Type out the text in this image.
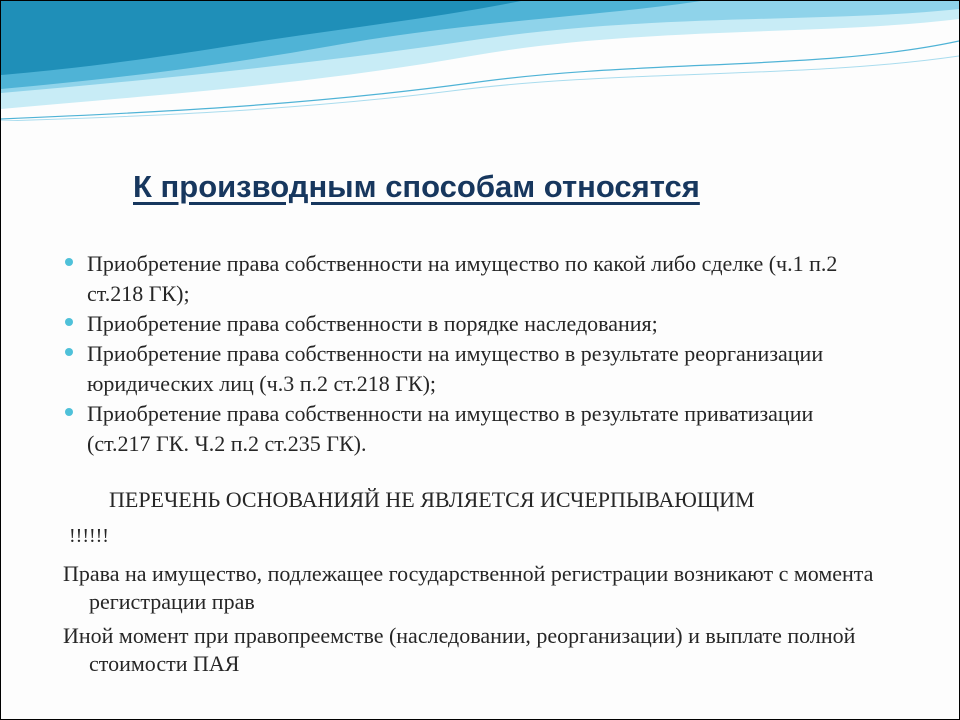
К производным способам относятся
Приобретение права собственности на имущество по какой либо сделке (ч.1 п.2 ст.218 ГК);
Приобретение права собственности в порядке наследования;
Приобретение права собственности на имущество в результате реорганизации юридических лиц (ч.3 п.2 ст.218 ГК);
Приобретение права собственности на имущество в результате приватизации (ст.217 ГК. Ч.2 п.2 ст.235 ГК).
ПЕРЕЧЕНЬ ОСНОВАНИЯЙ НЕ ЯВЛЯЕТСЯ ИСЧЕРПЫВАЮЩИМ
!!!!!!
Права на имущество, подлежащее государственной регистрации возникают с момента регистрации прав
Иной момент при правопреемстве (наследовании, реорганизации) и выплате полной стоимости ПАЯ
